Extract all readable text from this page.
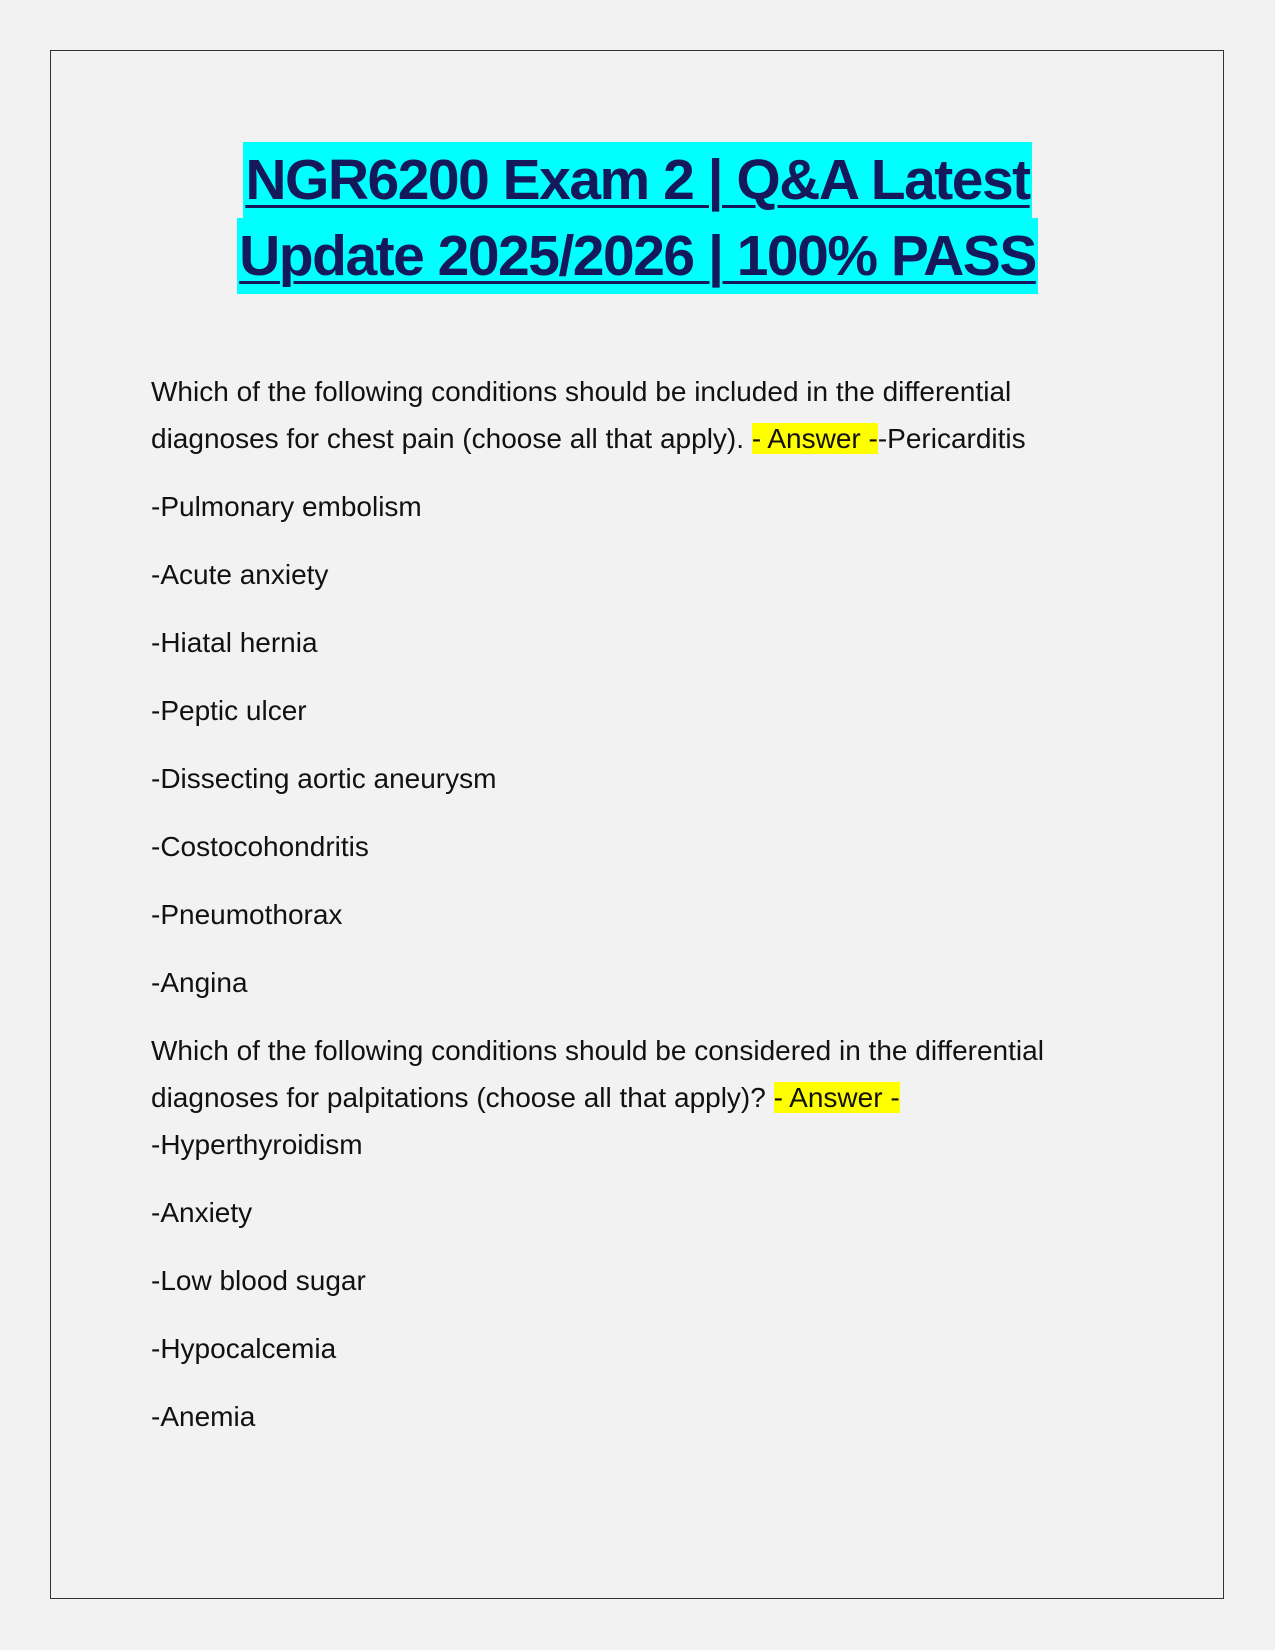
NGR6200 Exam 2 | Q&A Latest
Update 2025/2026 | 100% PASS
Which of the following conditions should be included in the differential diagnoses for chest pain (choose all that apply). - Answer --Pericarditis
-Pulmonary embolism
-Acute anxiety
-Hiatal hernia
-Peptic ulcer
-Dissecting aortic aneurysm
-Costocohondritis
-Pneumothorax
-Angina
Which of the following conditions should be considered in the differential diagnoses for palpitations (choose all that apply)? - Answer -
-Hyperthyroidism
-Anxiety
-Low blood sugar
-Hypocalcemia
-Anemia
